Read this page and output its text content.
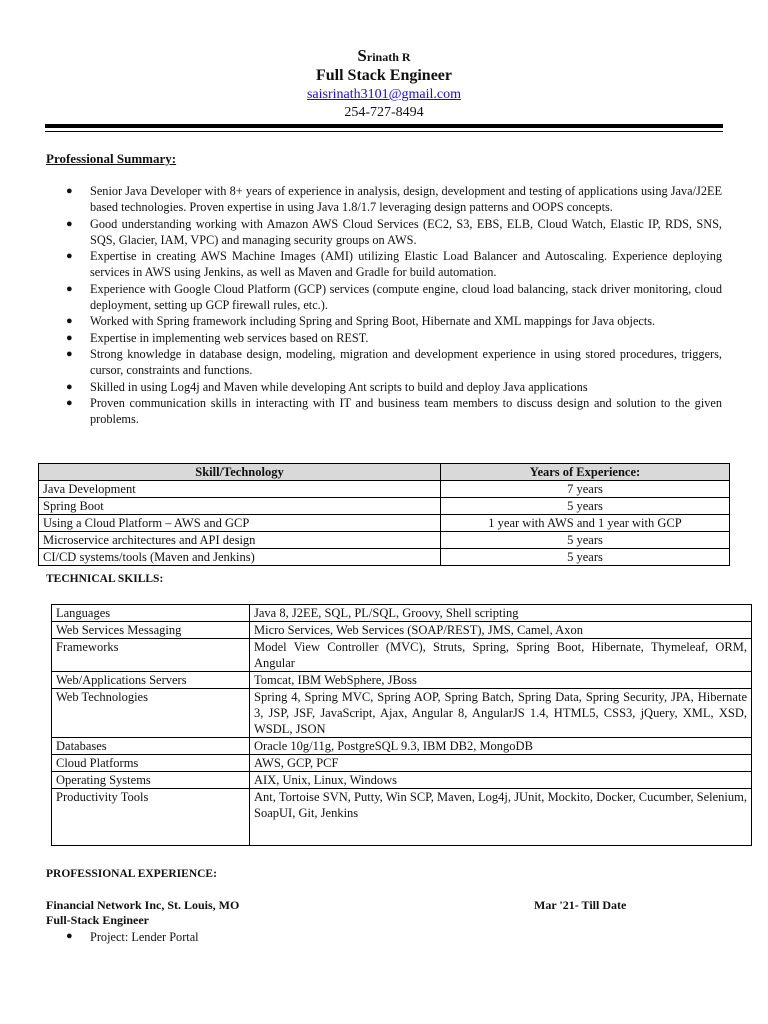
Srinath R
Full Stack Engineer
saisrinath3101@gmail.com
254-727-8494
Professional Summary:
● Senior Java Developer with 8+ years of experience in analysis, design, development and testing of applications using Java/J2EE based technologies. Proven expertise in using Java 1.8/1.7 leveraging design patterns and OOPS concepts.
● Good understanding working with Amazon AWS Cloud Services (EC2, S3, EBS, ELB, Cloud Watch, Elastic IP, RDS, SNS, SQS, Glacier, IAM, VPC) and managing security groups on AWS.
● Expertise in creating AWS Machine Images (AMI) utilizing Elastic Load Balancer and Autoscaling. Experience deploying services in AWS using Jenkins, as well as Maven and Gradle for build automation.
● Experience with Google Cloud Platform (GCP) services (compute engine, cloud load balancing, stack driver monitoring, cloud deployment, setting up GCP firewall rules, etc.).
● Worked with Spring framework including Spring and Spring Boot, Hibernate and XML mappings for Java objects.
● Expertise in implementing web services based on REST.
● Strong knowledge in database design, modeling, migration and development experience in using stored procedures, triggers, cursor, constraints and functions.
● Skilled in using Log4j and Maven while developing Ant scripts to build and deploy Java applications
● Proven communication skills in interacting with IT and business team members to discuss design and solution to the given problems.
Skill/Technology	Years of Experience:
Java Development	7 years
Spring Boot	5 years
Using a Cloud Platform – AWS and GCP	1 year with AWS and 1 year with GCP
Microservice architectures and API design	5 years
CI/CD systems/tools (Maven and Jenkins)	5 years
TECHNICAL SKILLS:
Languages	Java 8, J2EE, SQL, PL/SQL, Groovy, Shell scripting
Web Services Messaging	Micro Services, Web Services (SOAP/REST), JMS, Camel, Axon
Frameworks	Model View Controller (MVC), Struts, Spring, Spring Boot, Hibernate, Thymeleaf, ORM, Angular
Web/Applications Servers	Tomcat, IBM WebSphere, JBoss
Web Technologies	Spring 4, Spring MVC, Spring AOP, Spring Batch, Spring Data, Spring Security, JPA, Hibernate 3, JSP, JSF, JavaScript, Ajax, Angular 8, AngularJS 1.4, HTML5, CSS3, jQuery, XML, XSD, WSDL, JSON
Databases	Oracle 10g/11g, PostgreSQL 9.3, IBM DB2, MongoDB
Cloud Platforms	AWS, GCP, PCF
Operating Systems	AIX, Unix, Linux, Windows
Productivity Tools	Ant, Tortoise SVN, Putty, Win SCP, Maven, Log4j, JUnit, Mockito, Docker, Cucumber, Selenium, SoapUI, Git, Jenkins
PROFESSIONAL EXPERIENCE:
Financial Network Inc, St. Louis, MO	Mar '21- Till Date
Full-Stack Engineer
● Project: Lender Portal
